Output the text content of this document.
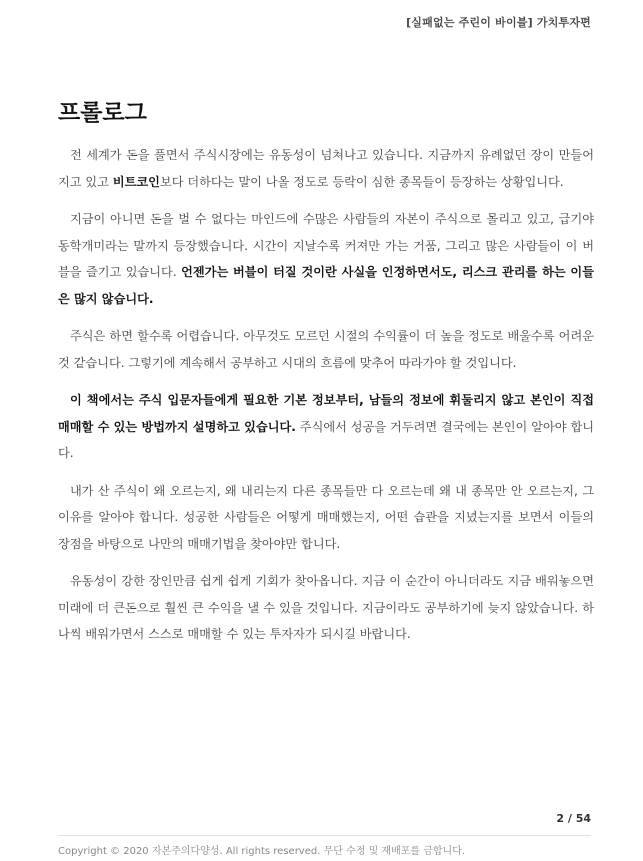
[실패없는 주린이 바이블] 가치투자편
프롤로그

전 세계가 돈을 풀면서 주식시장에는 유동성이 넘쳐나고 있습니다. 지금까지 유례없던 장이 만들어지고 있고 비트코인보다 더하다는 말이 나올 정도로 등락이 심한 종목들이 등장하는 상황입니다.

지금이 아니면 돈을 벌 수 없다는 마인드에 수많은 사람들의 자본이 주식으로 몰리고 있고, 급기야 동학개미라는 말까지 등장했습니다. 시간이 지날수록 커져만 가는 거품, 그리고 많은 사람들이 이 버블을 즐기고 있습니다. 언젠가는 버블이 터질 것이란 사실을 인정하면서도, 리스크 관리를 하는 이들은 많지 않습니다.

주식은 하면 할수록 어렵습니다. 아무것도 모르던 시절의 수익률이 더 높을 정도로 배울수록 어려운 것 같습니다. 그렇기에 계속해서 공부하고 시대의 흐름에 맞추어 따라가야 할 것입니다.

이 책에서는 주식 입문자들에게 필요한 기본 정보부터, 남들의 정보에 휘둘리지 않고 본인이 직접 매매할 수 있는 방법까지 설명하고 있습니다. 주식에서 성공을 거두려면 결국에는 본인이 알아야 합니다.

내가 산 주식이 왜 오르는지, 왜 내리는지 다른 종목들만 다 오르는데 왜 내 종목만 안 오르는지, 그 이유를 알아야 합니다. 성공한 사람들은 어떻게 매매했는지, 어떤 습관을 지녔는지를 보면서 이들의 장점을 바탕으로 나만의 매매기법을 찾아야만 합니다.

유동성이 강한 장인만큼 쉽게 쉽게 기회가 찾아옵니다. 지금 이 순간이 아니더라도 지금 배워놓으면 미래에 더 큰돈으로 훨씬 큰 수익을 낼 수 있을 것입니다. 지금이라도 공부하기에 늦지 않았습니다. 하나씩 배워가면서 스스로 매매할 수 있는 투자자가 되시길 바랍니다.

2 / 54
Copyright © 2020 자본주의다양성. All rights reserved. 무단 수정 및 재배포를 금합니다.
